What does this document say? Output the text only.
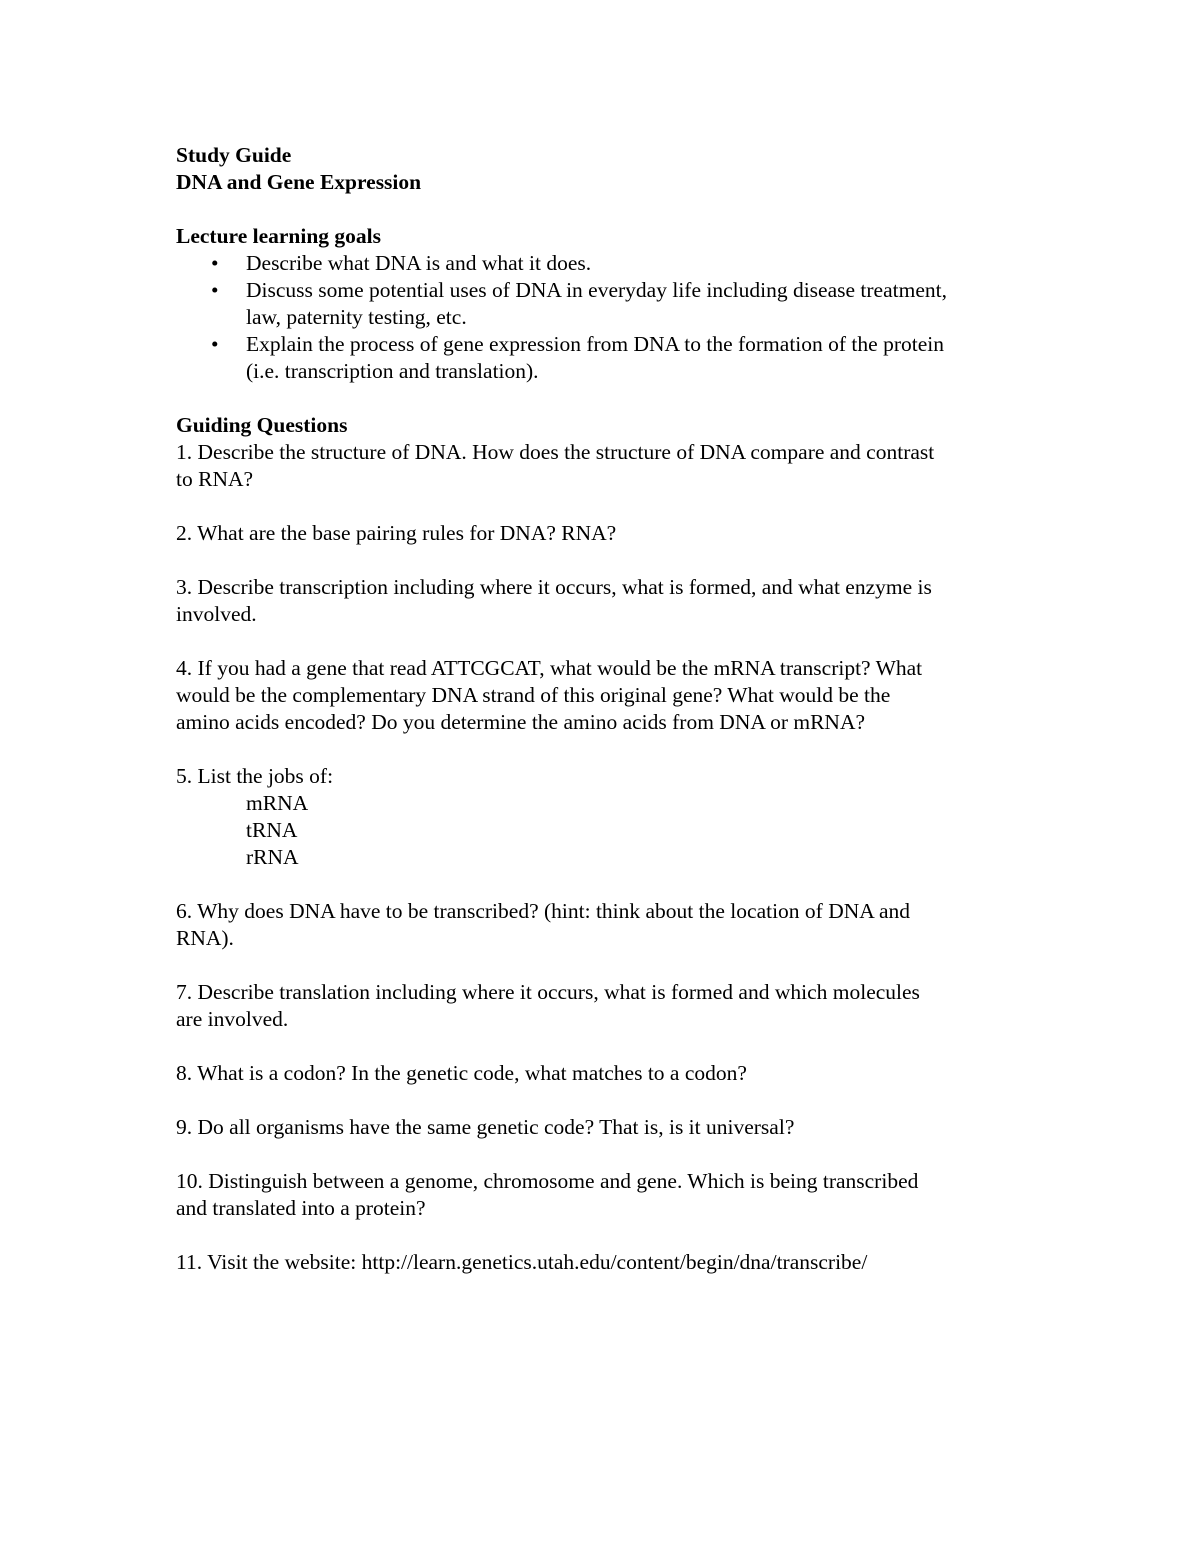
Study Guide
DNA and Gene Expression
Lecture learning goals
• Describe what DNA is and what it does.
• Discuss some potential uses of DNA in everyday life including disease treatment,
law, paternity testing, etc.
• Explain the process of gene expression from DNA to the formation of the protein
(i.e. transcription and translation).
Guiding Questions
1. Describe the structure of DNA. How does the structure of DNA compare and contrast
to RNA?
2. What are the base pairing rules for DNA? RNA?
3. Describe transcription including where it occurs, what is formed, and what enzyme is
involved.
4. If you had a gene that read ATTCGCAT, what would be the mRNA transcript? What
would be the complementary DNA strand of this original gene? What would be the
amino acids encoded? Do you determine the amino acids from DNA or mRNA?
5. List the jobs of:
mRNA
tRNA
rRNA
6. Why does DNA have to be transcribed? (hint: think about the location of DNA and
RNA).
7. Describe translation including where it occurs, what is formed and which molecules
are involved.
8. What is a codon? In the genetic code, what matches to a codon?
9. Do all organisms have the same genetic code? That is, is it universal?
10. Distinguish between a genome, chromosome and gene. Which is being transcribed
and translated into a protein?
11. Visit the website: http://learn.genetics.utah.edu/content/begin/dna/transcribe/
